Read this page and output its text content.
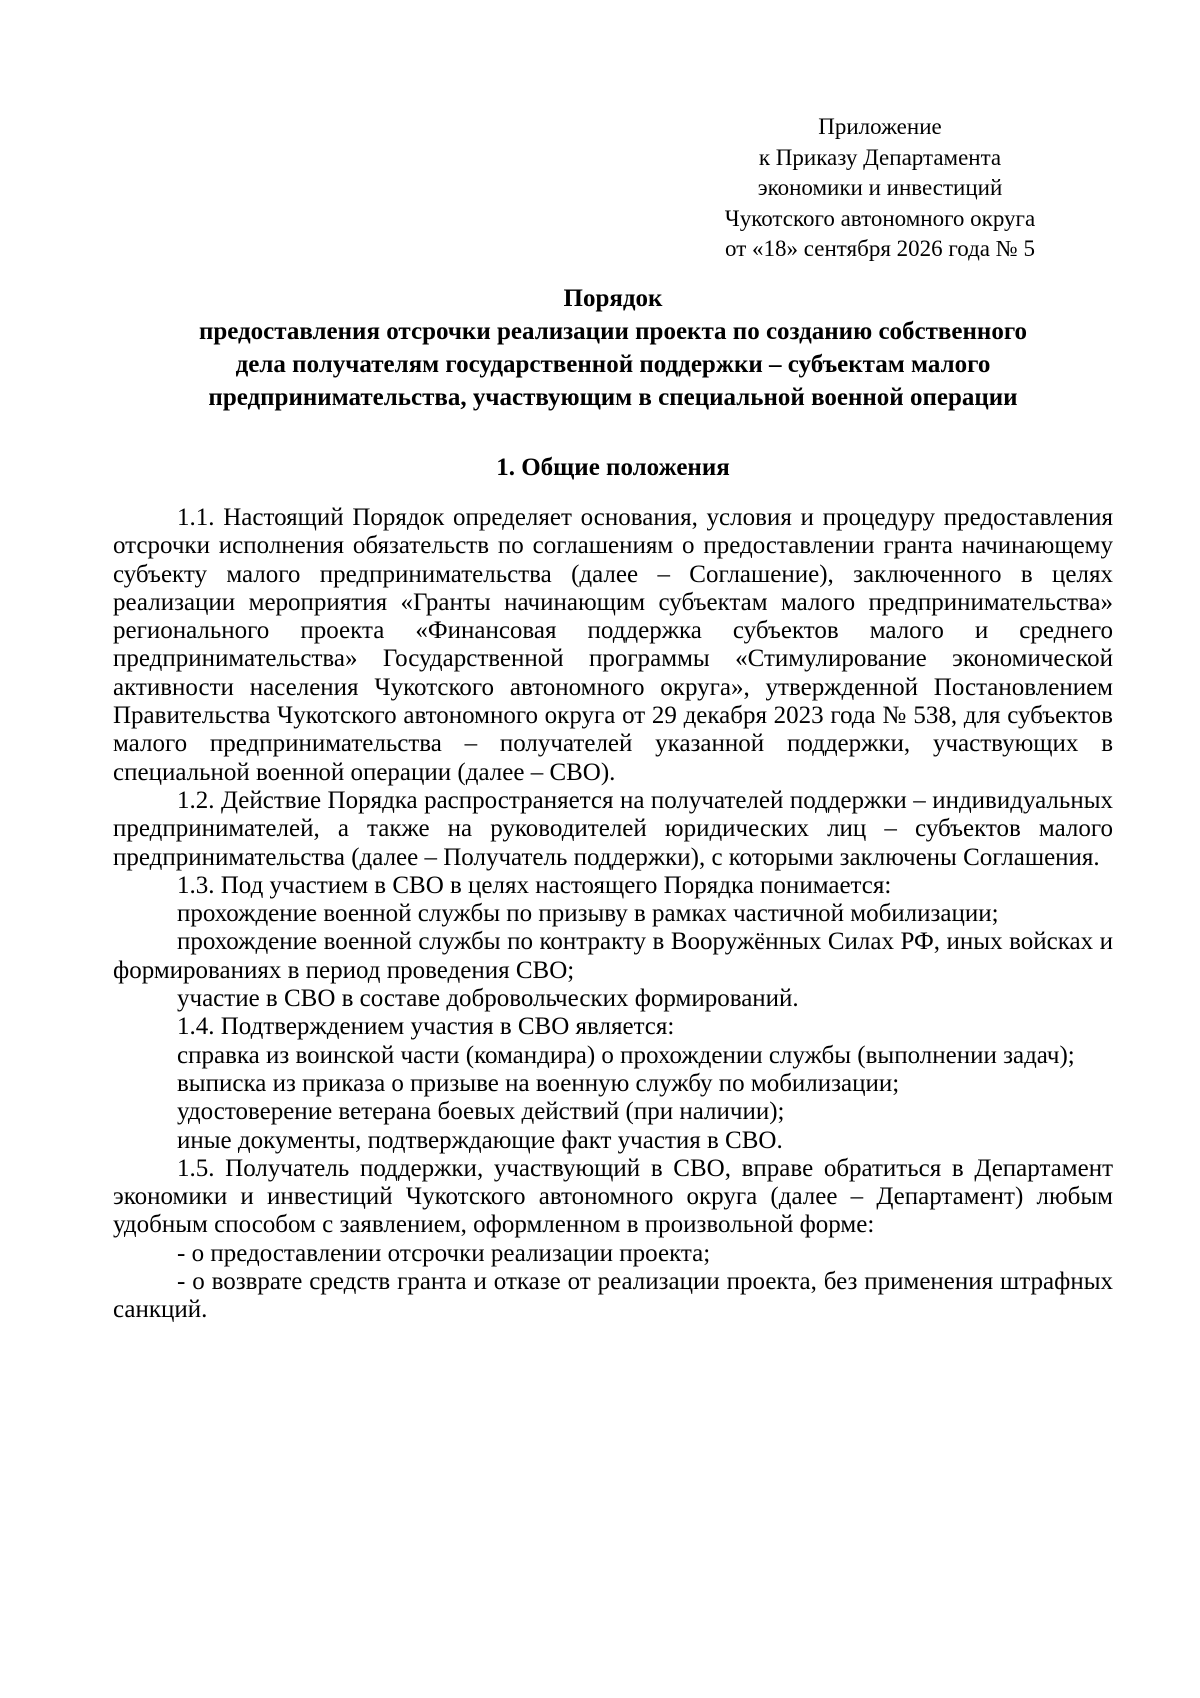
Приложение
к Приказу Департамента
экономики и инвестиций
Чукотского автономного округа
от «18» сентября 2026 года № 5
Порядок
предоставления отсрочки реализации проекта по созданию собственного
дела получателям государственной поддержки – субъектам малого
предпринимательства, участвующим в специальной военной операции
1. Общие положения

1.1. Настоящий Порядок определяет основания, условия и процедуру предоставления отсрочки исполнения обязательств по соглашениям о предоставлении гранта начинающему субъекту малого предпринимательства (далее – Соглашение), заключенного в целях реализации мероприятия «Гранты начинающим субъектам малого предпринимательства» регионального проекта «Финансовая поддержка субъектов малого и среднего предпринимательства» Государственной программы «Стимулирование экономической активности населения Чукотского автономного округа», утвержденной Постановлением Правительства Чукотского автономного округа от 29 декабря 2023 года № 538, для субъектов малого предпринимательства – получателей указанной поддержки, участвующих в специальной военной операции (далее – СВО).

1.2. Действие Порядка распространяется на получателей поддержки – индивидуальных предпринимателей, а также на руководителей юридических лиц – субъектов малого предпринимательства (далее – Получатель поддержки), с которыми заключены Соглашения.

1.3. Под участием в СВО в целях настоящего Порядка понимается:

прохождение военной службы по призыву в рамках частичной мобилизации;

прохождение военной службы по контракту в Вооружённых Силах РФ, иных войсках и формированиях в период проведения СВО;

участие в СВО в составе добровольческих формирований.

1.4. Подтверждением участия в СВО является:

справка из воинской части (командира) о прохождении службы (выполнении задач);

выписка из приказа о призыве на военную службу по мобилизации;

удостоверение ветерана боевых действий (при наличии);

иные документы, подтверждающие факт участия в СВО.

1.5. Получатель поддержки, участвующий в СВО, вправе обратиться в Департамент экономики и инвестиций Чукотского автономного округа (далее – Департамент) любым удобным способом с заявлением, оформленном в произвольной форме:

- о предоставлении отсрочки реализации проекта;

- о возврате средств гранта и отказе от реализации проекта, без применения штрафных санкций.
